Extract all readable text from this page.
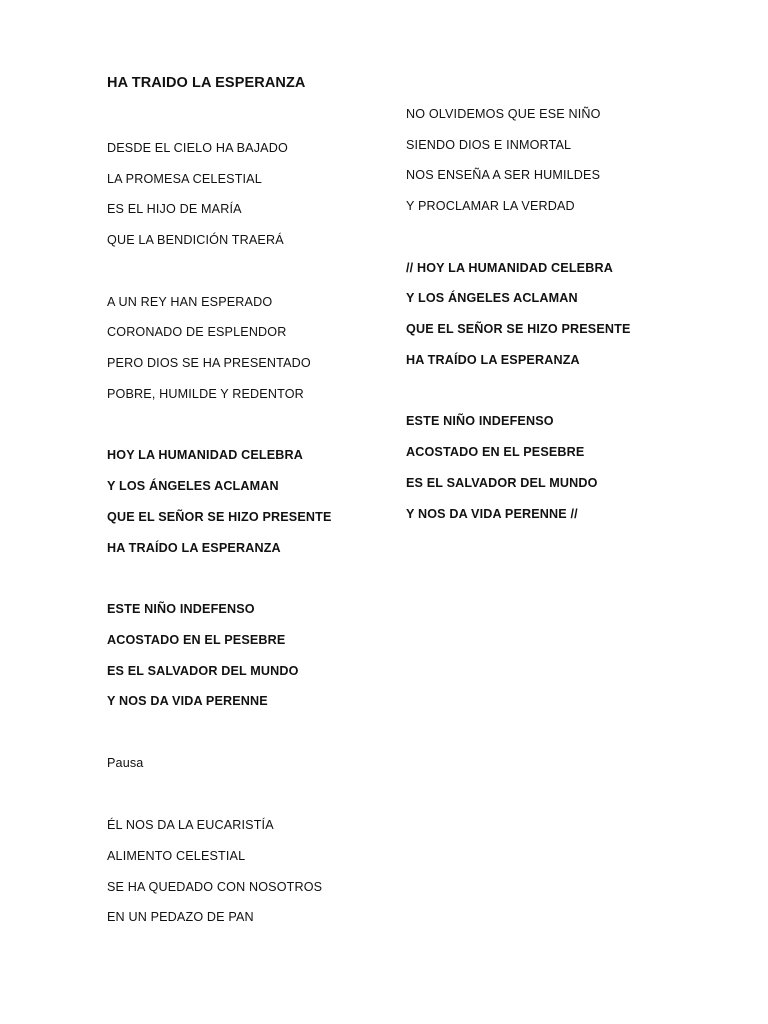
HA TRAIDO LA ESPERANZA
DESDE EL CIELO HA BAJADO
LA PROMESA CELESTIAL
ES EL HIJO DE MARÍA
QUE LA BENDICIÓN TRAERÁ
A UN REY HAN ESPERADO
CORONADO DE ESPLENDOR
PERO DIOS SE HA PRESENTADO
POBRE, HUMILDE Y REDENTOR
HOY LA HUMANIDAD CELEBRA
Y LOS ÁNGELES ACLAMAN
QUE EL SEÑOR SE HIZO PRESENTE
HA TRAÍDO LA ESPERANZA
ESTE NIÑO INDEFENSO
ACOSTADO EN EL PESEBRE
ES EL SALVADOR DEL MUNDO
Y NOS DA VIDA PERENNE
Pausa
ÉL NOS DA LA EUCARISTÍA
ALIMENTO CELESTIAL
SE HA QUEDADO CON NOSOTROS
EN UN PEDAZO DE PAN
NO OLVIDEMOS QUE ESE NIÑO
SIENDO DIOS E INMORTAL
NOS ENSEÑA A SER HUMILDES
Y PROCLAMAR LA VERDAD
// HOY LA HUMANIDAD CELEBRA
Y LOS ÁNGELES ACLAMAN
QUE EL SEÑOR SE HIZO PRESENTE
HA TRAÍDO LA ESPERANZA
ESTE NIÑO INDEFENSO
ACOSTADO EN EL PESEBRE
ES EL SALVADOR DEL MUNDO
Y NOS DA VIDA PERENNE //
